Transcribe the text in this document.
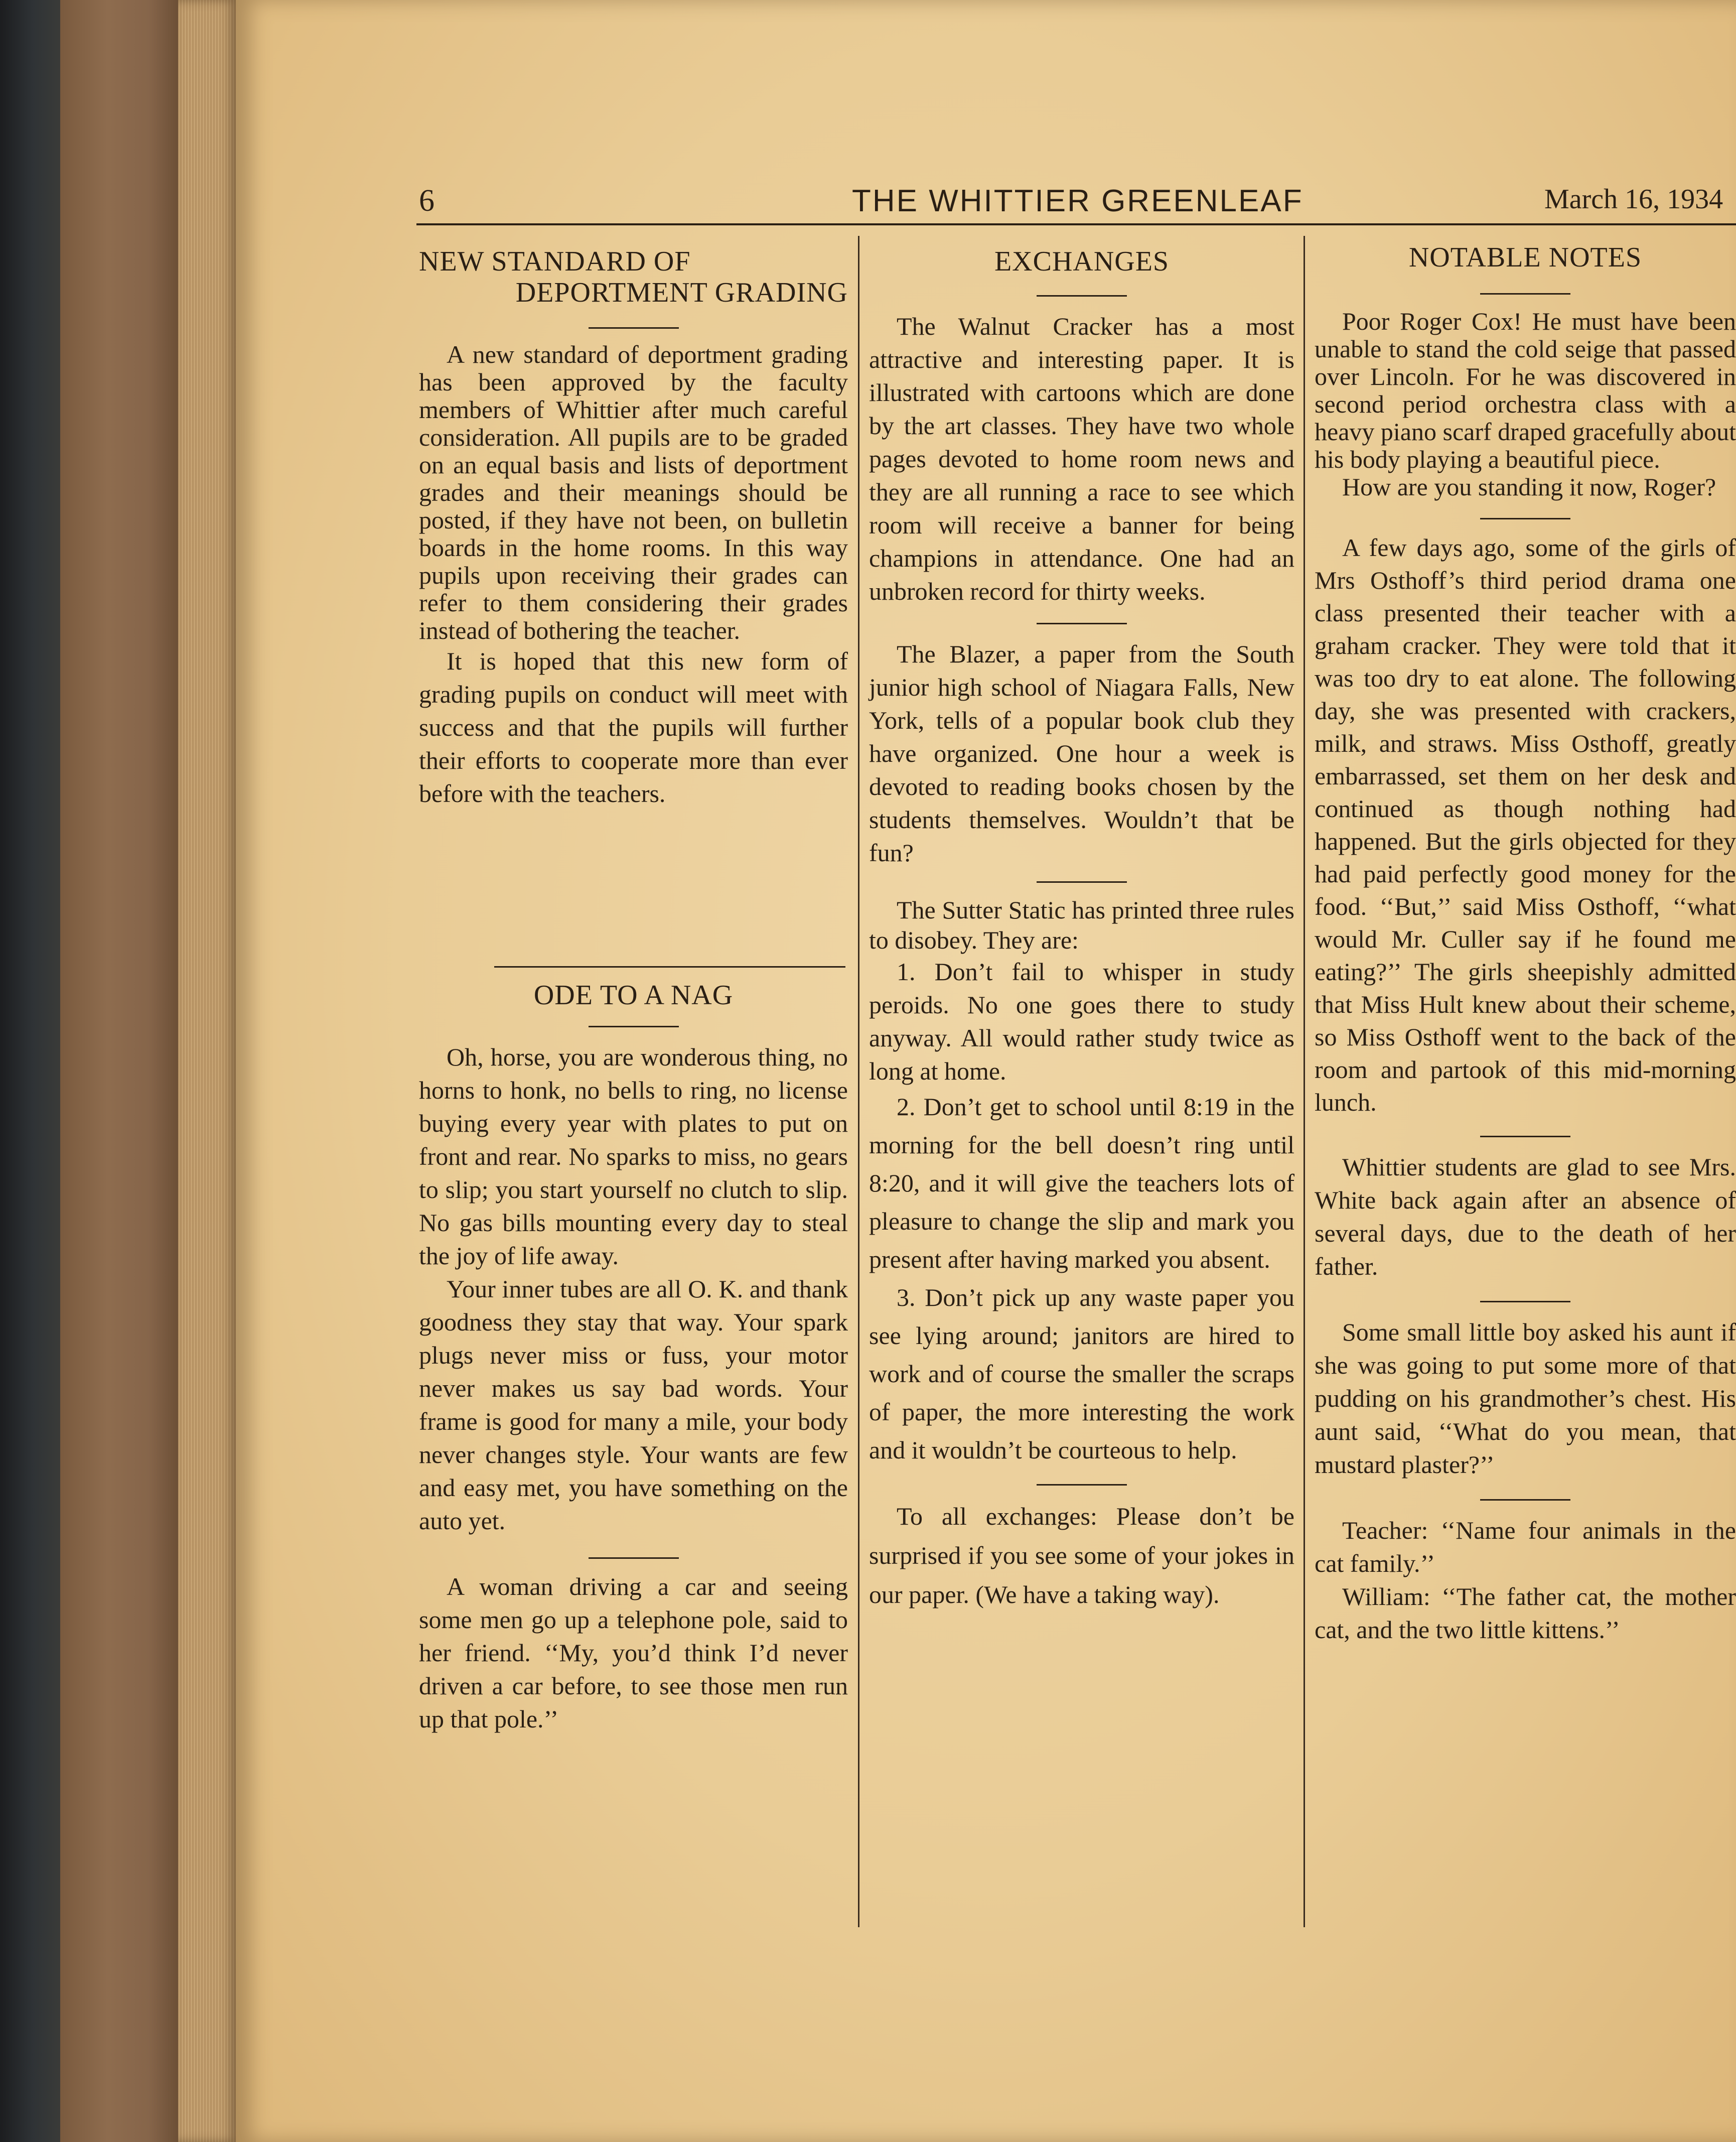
6	THE WHITTIER GREENLEAF	March 16, 1934
NEW STANDARD OF
DEPORTMENT GRADING

A new standard of deportment grading has been approved by the faculty members of Whittier after much careful consideration. All pupils are to be graded on an equal basis and lists of deportment grades and their meanings should be posted, if they have not been, on bulletin boards in the home rooms. In this way pupils upon receiving their grades can refer to them considering their grades instead of bothering the teacher.

It is hoped that this new form of grading pupils on conduct will meet with success and that the pupils will further their efforts to cooperate more than ever before with the teachers.

ODE TO A NAG

Oh, horse, you are wonderous thing, no horns to honk, no bells to ring, no license buying every year with plates to put on front and rear. No sparks to miss, no gears to slip; you start yourself no clutch to slip. No gas bills mounting every day to steal the joy of life away.

Your inner tubes are all O. K. and thank goodness they stay that way. Your spark plugs never miss or fuss, your motor never makes us say bad words. Your frame is good for many a mile, your body never changes style. Your wants are few and easy met, you have something on the auto yet.

A woman driving a car and seeing some men go up a telephone pole, said to her friend. ‘‘My, you’d think I’d never driven a car before, to see those men run up that pole.’’

EXCHANGES

The Walnut Cracker has a most attractive and interesting paper. It is illustrated with cartoons which are done by the art classes. They have two whole pages devoted to home room news and they are all running a race to see which room will receive a banner for being champions in attendance. One had an unbroken record for thirty weeks.

The Blazer, a paper from the South junior high school of Niagara Falls, New York, tells of a popular book club they have organized. One hour a week is devoted to reading books chosen by the students themselves. Wouldn’t that be fun?

The Sutter Static has printed three rules to disobey. They are:

1. Don’t fail to whisper in study peroids. No one goes there to study anyway. All would rather study twice as long at home.

2. Don’t get to school until 8:19 in the morning for the bell doesn’t ring until 8:20, and it will give the teachers lots of pleasure to change the slip and mark you present after having marked you absent.

3. Don’t pick up any waste paper you see lying around; janitors are hired to work and of course the smaller the scraps of paper, the more interesting the work and it wouldn’t be courteous to help.

To all exchanges: Please don’t be surprised if you see some of your jokes in our paper. (We have a taking way).

NOTABLE NOTES

Poor Roger Cox! He must have been unable to stand the cold seige that passed over Lincoln. For he was discovered in second period orchestra class with a heavy piano scarf draped gracefully about his body playing a beautiful piece.

How are you standing it now, Roger?

A few days ago, some of the girls of Mrs Osthoff’s third period drama one class presented their teacher with a graham cracker. They were told that it was too dry to eat alone. The following day, she was presented with crackers, milk, and straws. Miss Osthoff, greatly embarrassed, set them on her desk and continued as though nothing had happened. But the girls objected for they had paid perfectly good money for the food. ‘‘But,’’ said Miss Osthoff, ‘‘what would Mr. Culler say if he found me eating?’’ The girls sheepishly admitted that Miss Hult knew about their scheme, so Miss Osthoff went to the back of the room and partook of this mid-morning lunch.

Whittier students are glad to see Mrs. White back again after an absence of several days, due to the death of her father.

Some small little boy asked his aunt if she was going to put some more of that pudding on his grandmother’s chest. His aunt said, ‘‘What do you mean, that mustard plaster?’’

Teacher: ‘‘Name four animals in the cat family.’’

William: ‘‘The father cat, the mother cat, and the two little kittens.’’
